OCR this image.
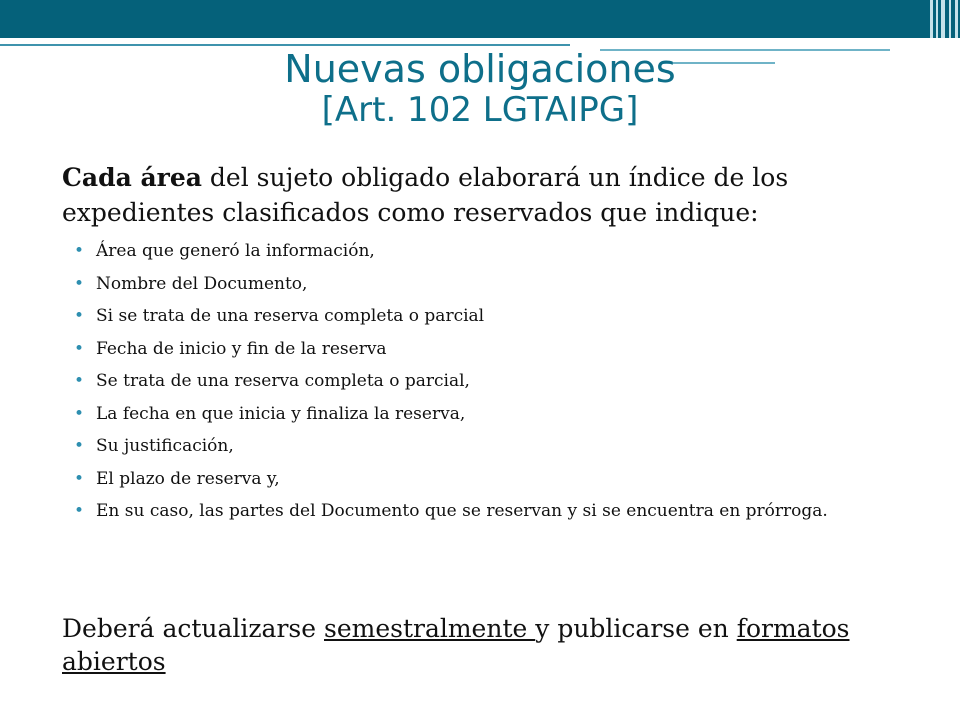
Nuevas obligaciones
[Art. 102 LGTAIPG]

Cada área del sujeto obligado elaborará un índice de los expedientes clasificados como reservados que indique:

• Área que generó la información,
• Nombre del Documento,
• Si se trata de una reserva completa o parcial
• Fecha de inicio y fin de la reserva
• Se trata de una reserva completa o parcial,
• La fecha en que inicia y finaliza la reserva,
• Su justificación,
• El plazo de reserva y,
• En su caso, las partes del Documento que se reservan y si se encuentra en prórroga.

Deberá actualizarse semestralmente y publicarse en formatos abiertos
